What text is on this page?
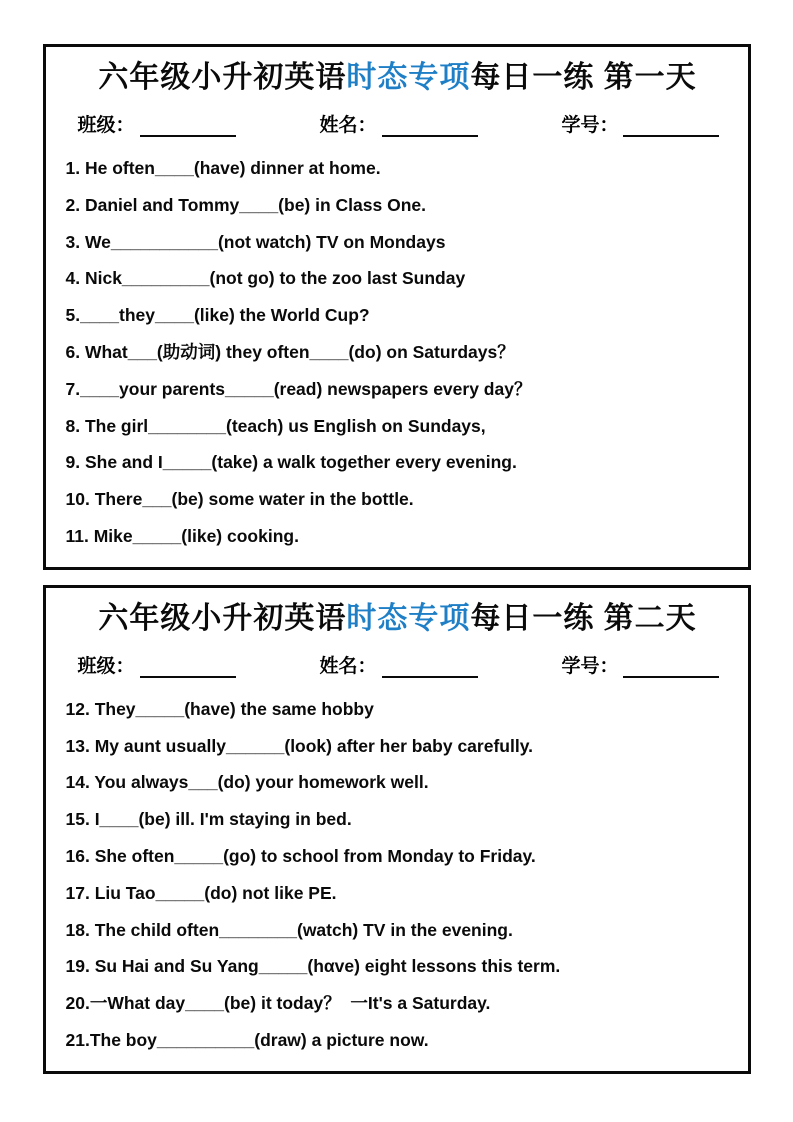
六年级小升初英语时态专项每日一练 第一天
班级：	姓名：	学号：
1. He often____(have) dinner at home.
2. Daniel and Tommy____(be) in Class One.
3. We___________(not watch) TV on Mondays
4. Nick_________(not go) to the zoo last Sunday
5.____they____(like) the World Cup?
6. What___(助动词) they often____(do) on Saturdays？
7.____your parents_____(read) newspapers every day？
8. The girl________(teach) us English on Sundays,
9. She and I_____(take) a walk together every evening.
10. There___(be) some water in the bottle.
11. Mike_____(like) cooking.
六年级小升初英语时态专项每日一练 第二天
班级：	姓名：	学号：
12. They_____(have) the same hobby
13. My aunt usually______(look) after her baby carefully.
14. You always___(do) your homework well.
15. I____(be) ill. I'm staying in bed.
16. She often_____(go) to school from Monday to Friday.
17. Liu Tao_____(do) not like PE.
18. The child often________(watch) TV in the evening.
19. Su Hai and Su Yang_____(hαve) eight lessons this term.
20.一What day____(be) it today？  一It's a Saturday.
21.The boy__________(draw) a picture now.
